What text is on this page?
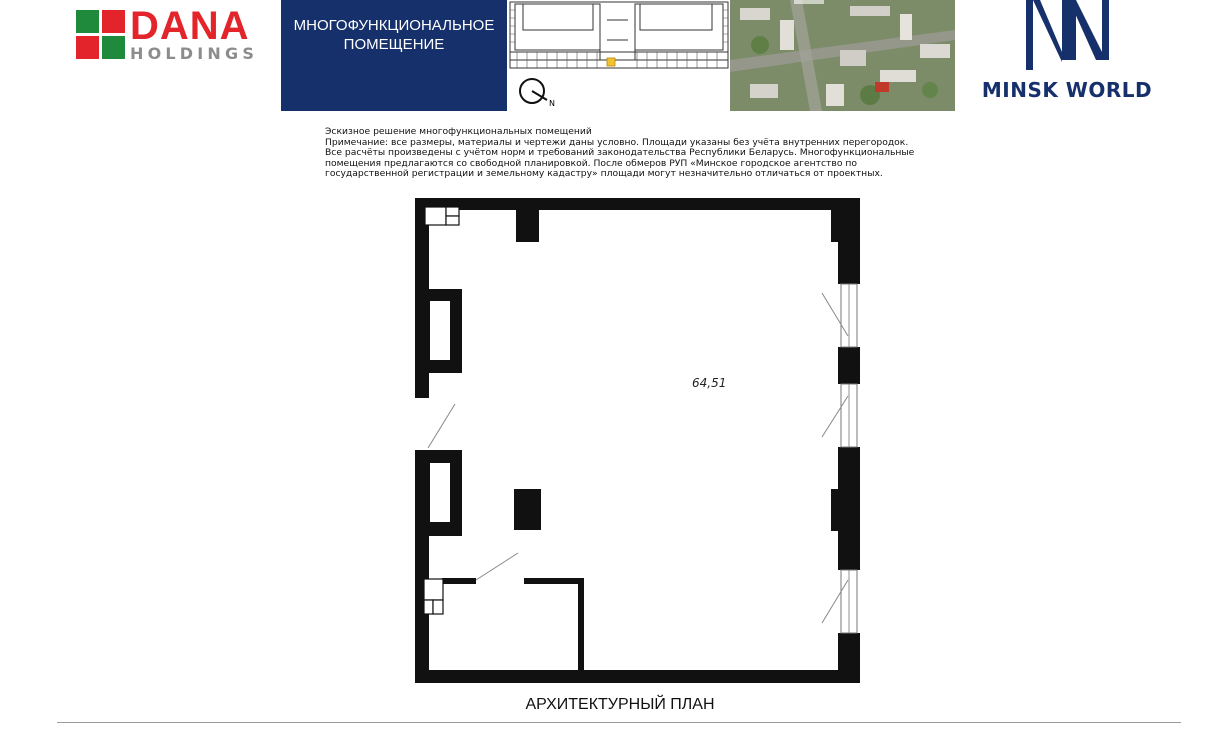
DANA
HOLDINGS
МНОГОФУНКЦИОНАЛЬНОЕ
ПОМЕЩЕНИЕ
N
MINSK WORLD
Эскизное решение многофункциональных помещений
Примечание: все размеры, материалы и чертежи даны условно. Площади указаны без учёта внутренних перегородок.
Все расчёты произведены с учётом норм и требований законодательства Республики Беларусь. Многофункциональные
помещения предлагаются со свободной планировкой. После обмеров РУП «Минское городское агентство по
государственной регистрации и земельному кадастру» площади могут незначительно отличаться от проектных.
64,51
АРХИТЕКТУРНЫЙ ПЛАН
